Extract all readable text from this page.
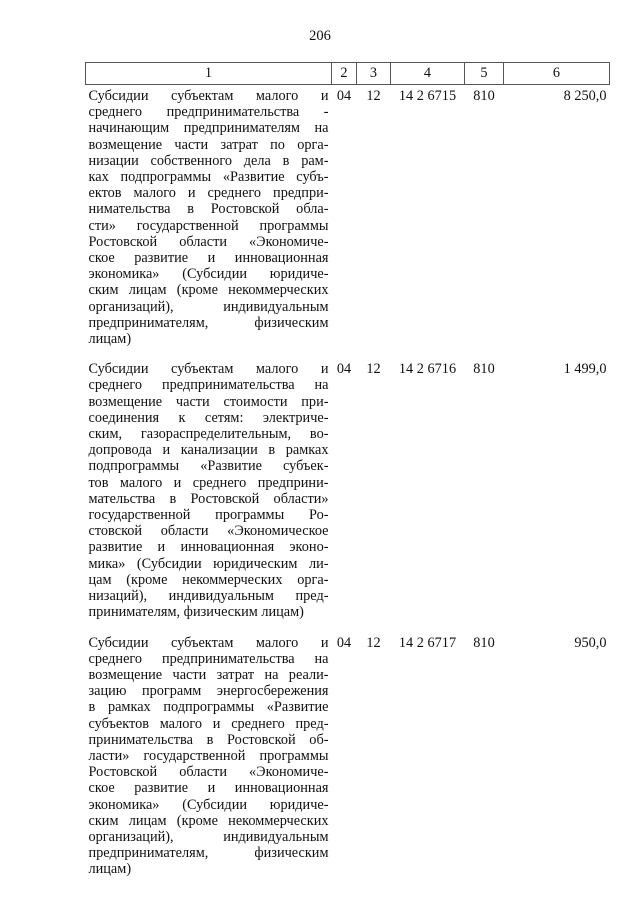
206
1	2	3	4	5	6

Субсидии субъектам малого и
среднего предпринимательства -
начинающим предпринимателям на
возмещение части затрат по орга-
низации собственного дела в рам-
ках подпрограммы «Развитие субъ-
ектов малого и среднего предпри-
нимательства в Ростовской обла-
сти» государственной программы
Ростовской области «Экономиче-
ское развитие и инновационная
экономика» (Субсидии юридиче-
ским лицам (кроме некоммерческих
организаций), индивидуальным
предпринимателям, физическим
лицам)
	04	12	14 2 6715	810	8 250,0

Субсидии субъектам малого и
среднего предпринимательства на
возмещение части стоимости при-
соединения к сетям: электриче-
ским, газораспределительным, во-
допровода и канализации в рамках
подпрограммы «Развитие субъек-
тов малого и среднего предприни-
мательства в Ростовской области»
государственной программы Ро-
стовской области «Экономическое
развитие и инновационная эконо-
мика» (Субсидии юридическим ли-
цам (кроме некоммерческих орга-
низаций), индивидуальным пред-
принимателям, физическим лицам)
	04	12	14 2 6716	810	1 499,0

Субсидии субъектам малого и
среднего предпринимательства на
возмещение части затрат на реали-
зацию программ энергосбережения
в рамках подпрограммы «Развитие
субъектов малого и среднего пред-
принимательства в Ростовской об-
ласти» государственной программы
Ростовской области «Экономиче-
ское развитие и инновационная
экономика» (Субсидии юридиче-
ским лицам (кроме некоммерческих
организаций), индивидуальным
предпринимателям, физическим
лицам)
	04	12	14 2 6717	810	950,0
